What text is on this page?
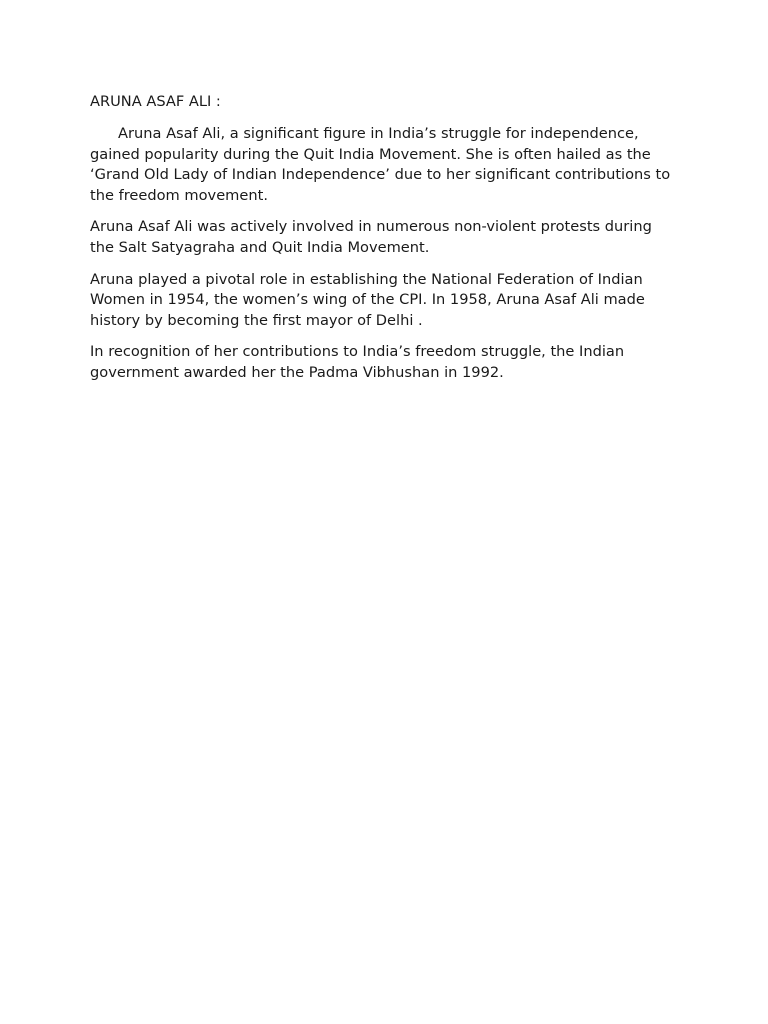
ARUNA ASAF ALI :

Aruna Asaf Ali, a significant figure in India’s struggle for independence, gained popularity during the Quit India Movement. She is often hailed as the ‘Grand Old Lady of Indian Independence’ due to her significant contributions to the freedom movement.

Aruna Asaf Ali was actively involved in numerous non-violent protests during the Salt Satyagraha and Quit India Movement.

Aruna played a pivotal role in establishing the National Federation of Indian Women in 1954, the women’s wing of the CPI. In 1958, Aruna Asaf Ali made history by becoming the first mayor of Delhi .

In recognition of her contributions to India’s freedom struggle, the Indian government awarded her the Padma Vibhushan in 1992.
